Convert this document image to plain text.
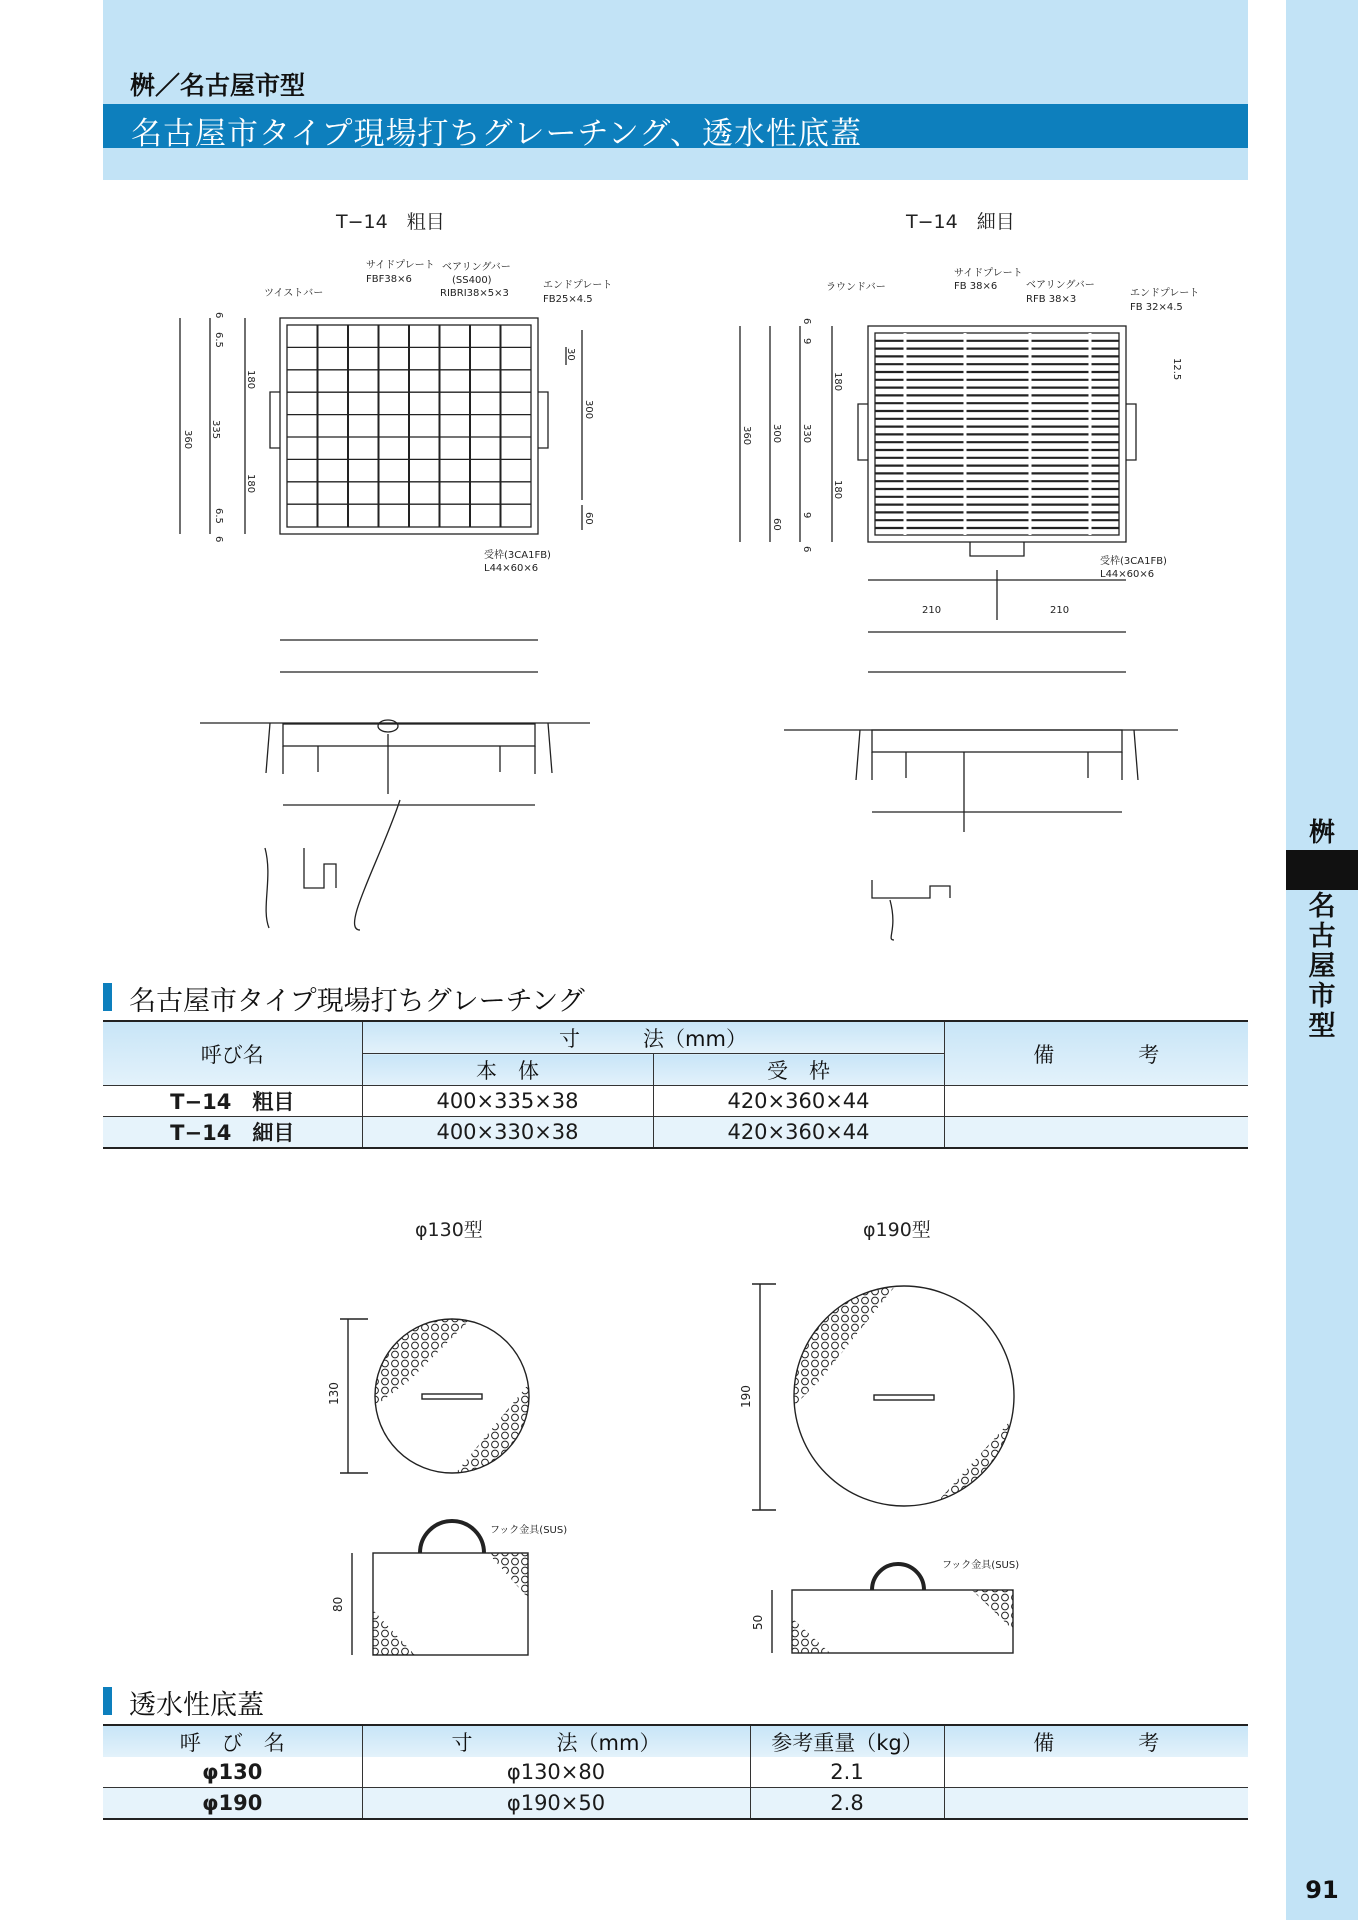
桝／名古屋市型
名古屋市タイプ現場打ちグレーチング、透水性底蓋
桝
名
古
屋
市
型
91
T−14　粗目	T−14　細目
φ130型	φ190型
サイドプレート
FBF38×6
ベアリングバー
(SS400)
RIBRI38×5×3
ツイストバー
エンドプレート
FB25×4.5
受枠(3CA1FB)
L44×60×6
360
335
180
180
6
6.5
6.5
6
30
300
60
ラウンドバー
サイドプレート
FB 38×6	ベアリングバー
RFB 38×3
エンドプレート
FB 32×4.5
受枠(3CA1FB)
L44×60×6
360 300 330
180
180
60
6
9
9
6
12.5
210	210
130
80
190
50
フック金具(SUS)
フック金具(SUS)
名古屋市タイプ現場打ちグレーチング
呼び名	寸　　　法（mm）		備　　　　考
	本　体	受　枠	
T−14　粗目	400×335×38	420×360×44	
T−14　細目	400×330×38	420×360×44	
透水性底蓋
呼　び　名	寸　　　　法（mm）	参考重量（kg）	備　　　　考
φ130	φ130×80	2.1	
φ190	φ190×50	2.8	
